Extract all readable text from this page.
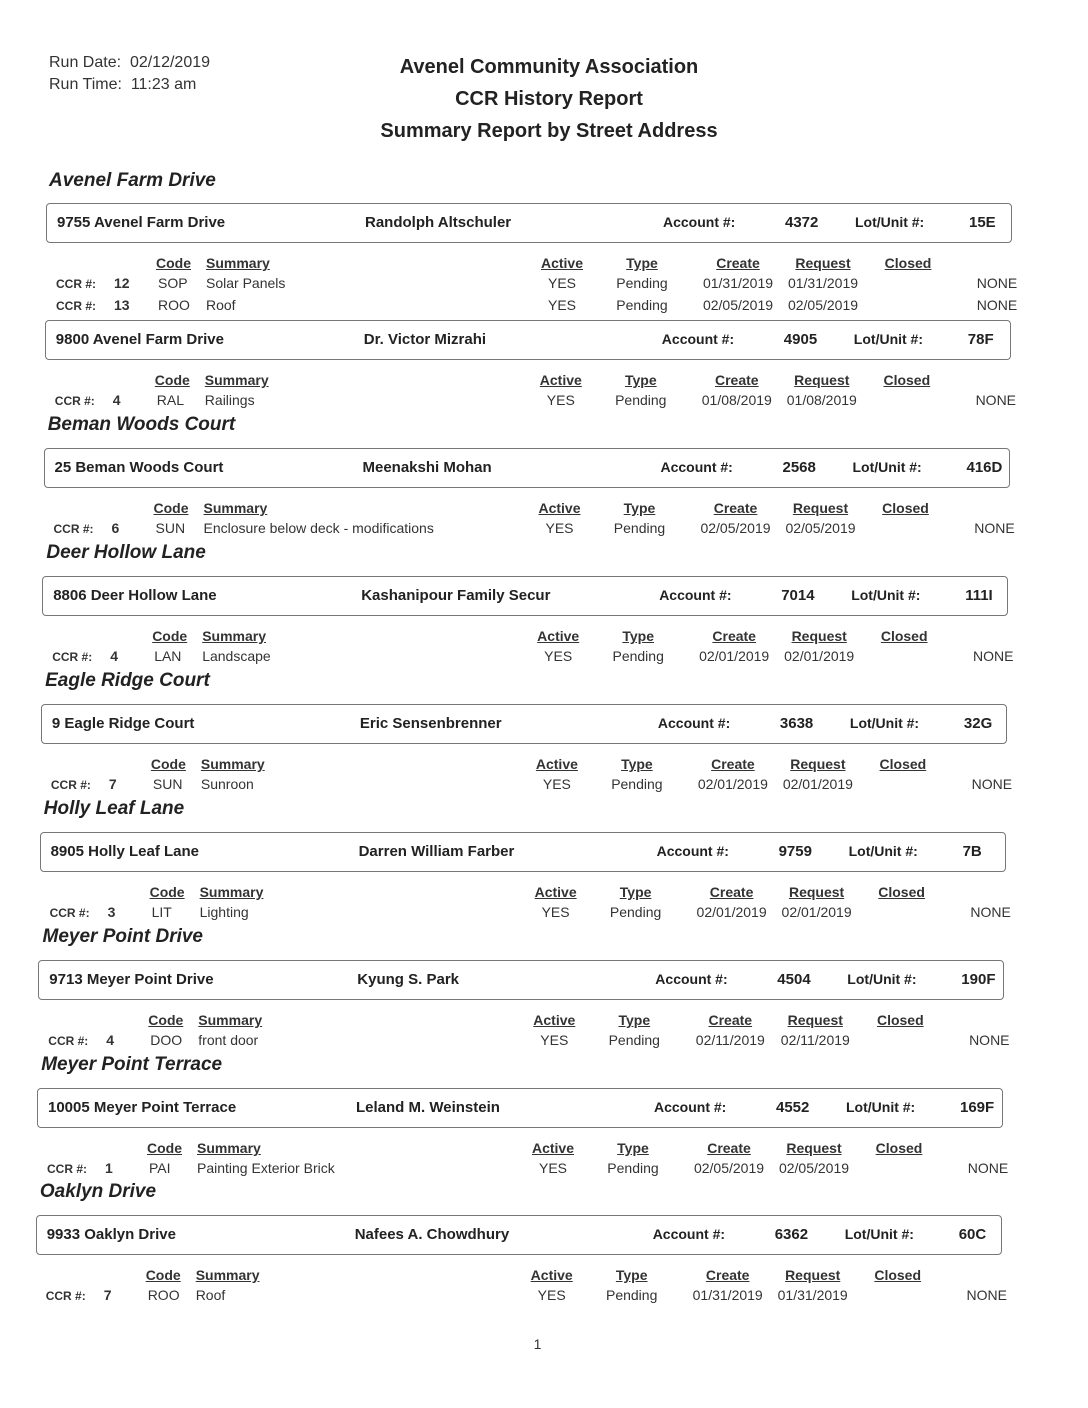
Run Date: 02/12/2019
Run Time: 11:23 am
Avenel Community Association
CCR History Report
Summary Report by Street Address
Avenel Farm Drive
9755 Avenel Farm Drive	Randolph Altschuler	Account #:	4372	Lot/Unit #:	15E
Code Summary	Active	Type	Create	Request	Closed
CCR #: 12 SOP Solar Panels	YES	Pending	01/31/2019	01/31/2019	NONE
CCR #: 13 ROO Roof	YES	Pending	02/05/2019	02/05/2019	NONE
9800 Avenel Farm Drive	Dr. Victor Mizrahi	Account #:	4905	Lot/Unit #:	78F
Code Summary	Active	Type	Create	Request	Closed
CCR #: 4	RAL Railings	YES	Pending	01/08/2019	01/08/2019	NONE
Beman Woods Court
25 Beman Woods Court	Meenakshi Mohan	Account #:	2568	Lot/Unit #:	416D
Code Summary	Active	Type	Create	Request	Closed
CCR #: 6	SUN Enclosure below deck - modifications	YES	Pending	02/05/2019	02/05/2019	NONE
Deer Hollow Lane
8806 Deer Hollow Lane	Kashanipour Family Secur	Account #:	7014	Lot/Unit #:	111I
Code Summary	Active	Type	Create	Request	Closed
CCR #: 4	LAN Landscape	YES	Pending	02/01/2019	02/01/2019	NONE
Eagle Ridge Court
9 Eagle Ridge Court	Eric Sensenbrenner	Account #:	3638	Lot/Unit #:	32G
Code Summary	Active	Type	Create	Request	Closed
CCR #: 7	SUN Sunroon	YES	Pending	02/01/2019	02/01/2019	NONE
Holly Leaf Lane
8905 Holly Leaf Lane	Darren William Farber	Account #:	9759	Lot/Unit #:	7B
Code Summary	Active	Type	Create	Request	Closed
CCR #: 3	LIT Lighting	YES	Pending	02/01/2019	02/01/2019	NONE
Meyer Point Drive
9713 Meyer Point Drive	Kyung S. Park	Account #:	4504	Lot/Unit #:	190F
Code Summary	Active	Type	Create	Request	Closed
CCR #: 4	DOO front door	YES	Pending	02/11/2019	02/11/2019	NONE
Meyer Point Terrace
10005 Meyer Point Terrace	Leland M. Weinstein	Account #:	4552	Lot/Unit #:	169F
Code Summary	Active	Type	Create	Request	Closed
CCR #: 1	PAI Painting Exterior Brick	YES	Pending	02/05/2019	02/05/2019	NONE
Oaklyn Drive
9933 Oaklyn Drive	Nafees A. Chowdhury	Account #:	6362	Lot/Unit #:	60C
Code Summary	Active	Type	Create	Request	Closed
CCR #: 7	ROO Roof	YES	Pending	01/31/2019	01/31/2019	NONE
1
